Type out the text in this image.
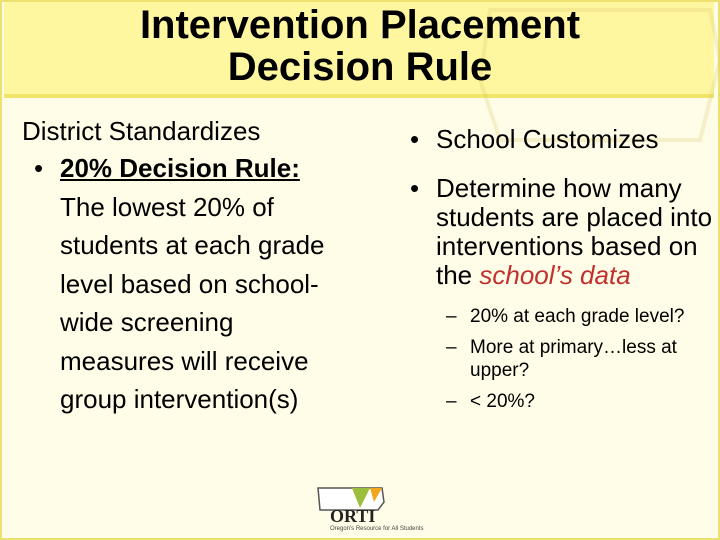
Intervention Placement
Decision Rule
District Standardizes
• 20% Decision Rule: The lowest 20% of students at each grade level based on school-wide screening measures will receive group intervention(s)
• School Customizes
• Determine how many students are placed into interventions based on the school’s data
– 20% at each grade level?
– More at primary…less at upper?
– < 20%?
ORTI
Oregon's Resource for All Students
